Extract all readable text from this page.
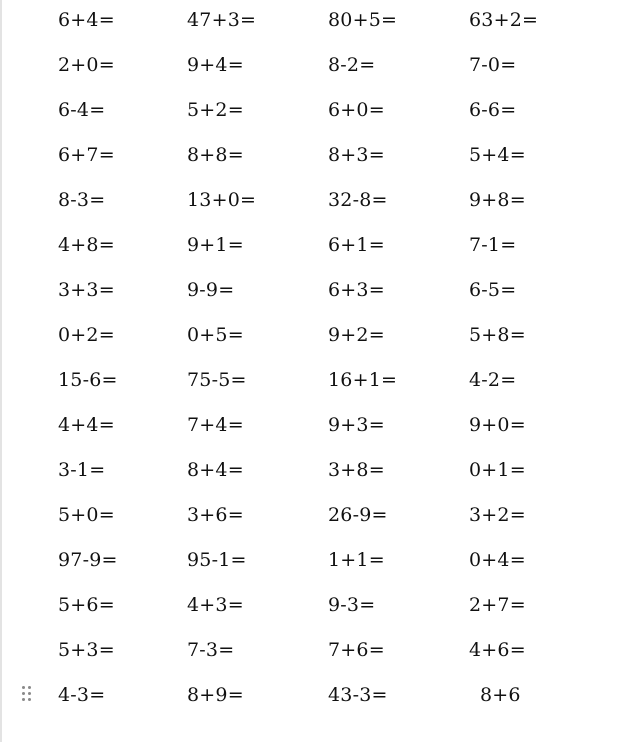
6+4=	47+3=	80+5=	63+2=
2+0=	9+4=	8-2=	7-0=
6-4=	5+2=	6+0=	6-6=
6+7=	8+8=	8+3=	5+4=
8-3=	13+0=	32-8=	9+8=
4+8=	9+1=	6+1=	7-1=
3+3=	9-9=	6+3=	6-5=
0+2=	0+5=	9+2=	5+8=
15-6=	75-5=	16+1=	4-2=
4+4=	7+4=	9+3=	9+0=
3-1=	8+4=	3+8=	0+1=
5+0=	3+6=	26-9=	3+2=
97-9=	95-1=	1+1=	0+4=
5+6=	4+3=	9-3=	2+7=
5+3=	7-3=	7+6=	4+6=
4-3=	8+9=	43-3=	8+6
